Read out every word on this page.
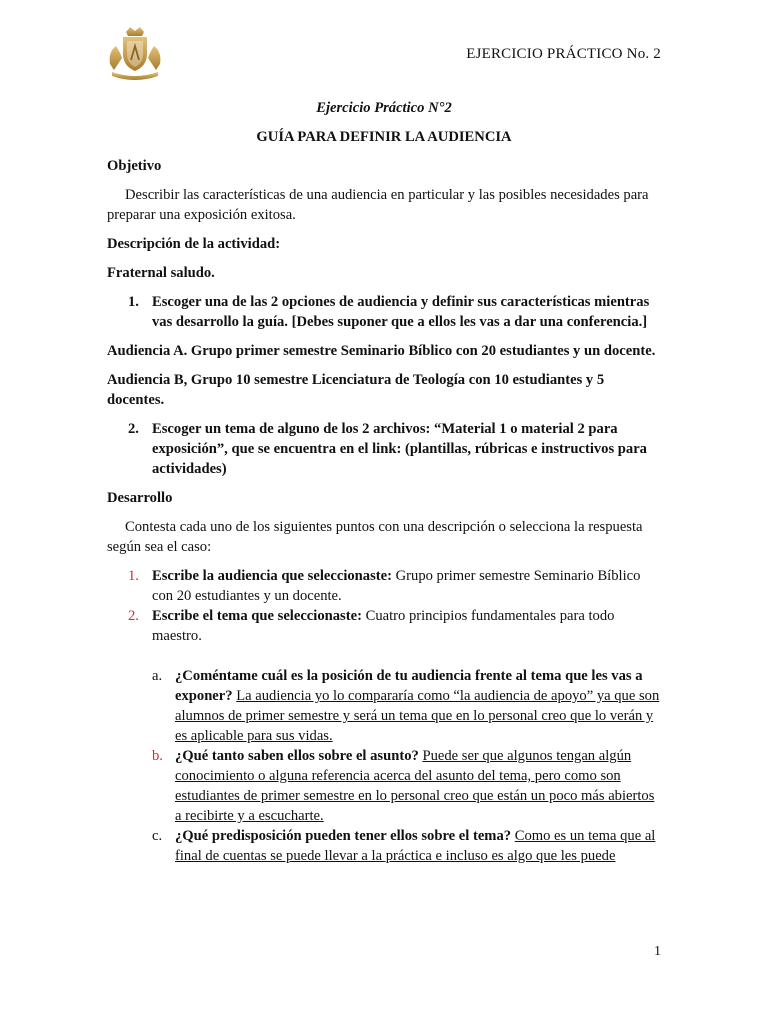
EJERCICIO PRÁCTICO No. 2

Ejercicio Práctico N°2

GUÍA PARA DEFINIR LA AUDIENCIA

Objetivo

Describir las características de una audiencia en particular y las posibles necesidades para preparar una exposición exitosa.

Descripción de la actividad:

Fraternal saludo.

1. Escoger una de las 2 opciones de audiencia y definir sus características mientras vas desarrollo la guía. [Debes suponer que a ellos les vas a dar una conferencia.]

Audiencia A. Grupo primer semestre Seminario Bíblico con 20 estudiantes y un docente.

Audiencia B, Grupo 10 semestre Licenciatura de Teología con 10 estudiantes y 5 docentes.

2. Escoger un tema de alguno de los 2 archivos: “Material 1 o material 2 para exposición”, que se encuentra en el link: (plantillas, rúbricas e instructivos para actividades)

Desarrollo

Contesta cada uno de los siguientes puntos con una descripción o selecciona la respuesta según sea el caso:

1. Escribe la audiencia que seleccionaste: Grupo primer semestre Seminario Bíblico con 20 estudiantes y un docente.
2. Escribe el tema que seleccionaste: Cuatro principios fundamentales para todo maestro.
a. ¿Coméntame cuál es la posición de tu audiencia frente al tema que les vas a exponer? La audiencia yo lo compararía como “la audiencia de apoyo” ya que son alumnos de primer semestre y será un tema que en lo personal creo que lo verán y es aplicable para sus vidas.
b. ¿Qué tanto saben ellos sobre el asunto? Puede ser que algunos tengan algún conocimiento o alguna referencia acerca del asunto del tema, pero como son estudiantes de primer semestre en lo personal creo que están un poco más abiertos a recibirte y a escucharte.
c. ¿Qué predisposición pueden tener ellos sobre el tema? Como es un tema que al final de cuentas se puede llevar a la práctica e incluso es algo que les puede
1
